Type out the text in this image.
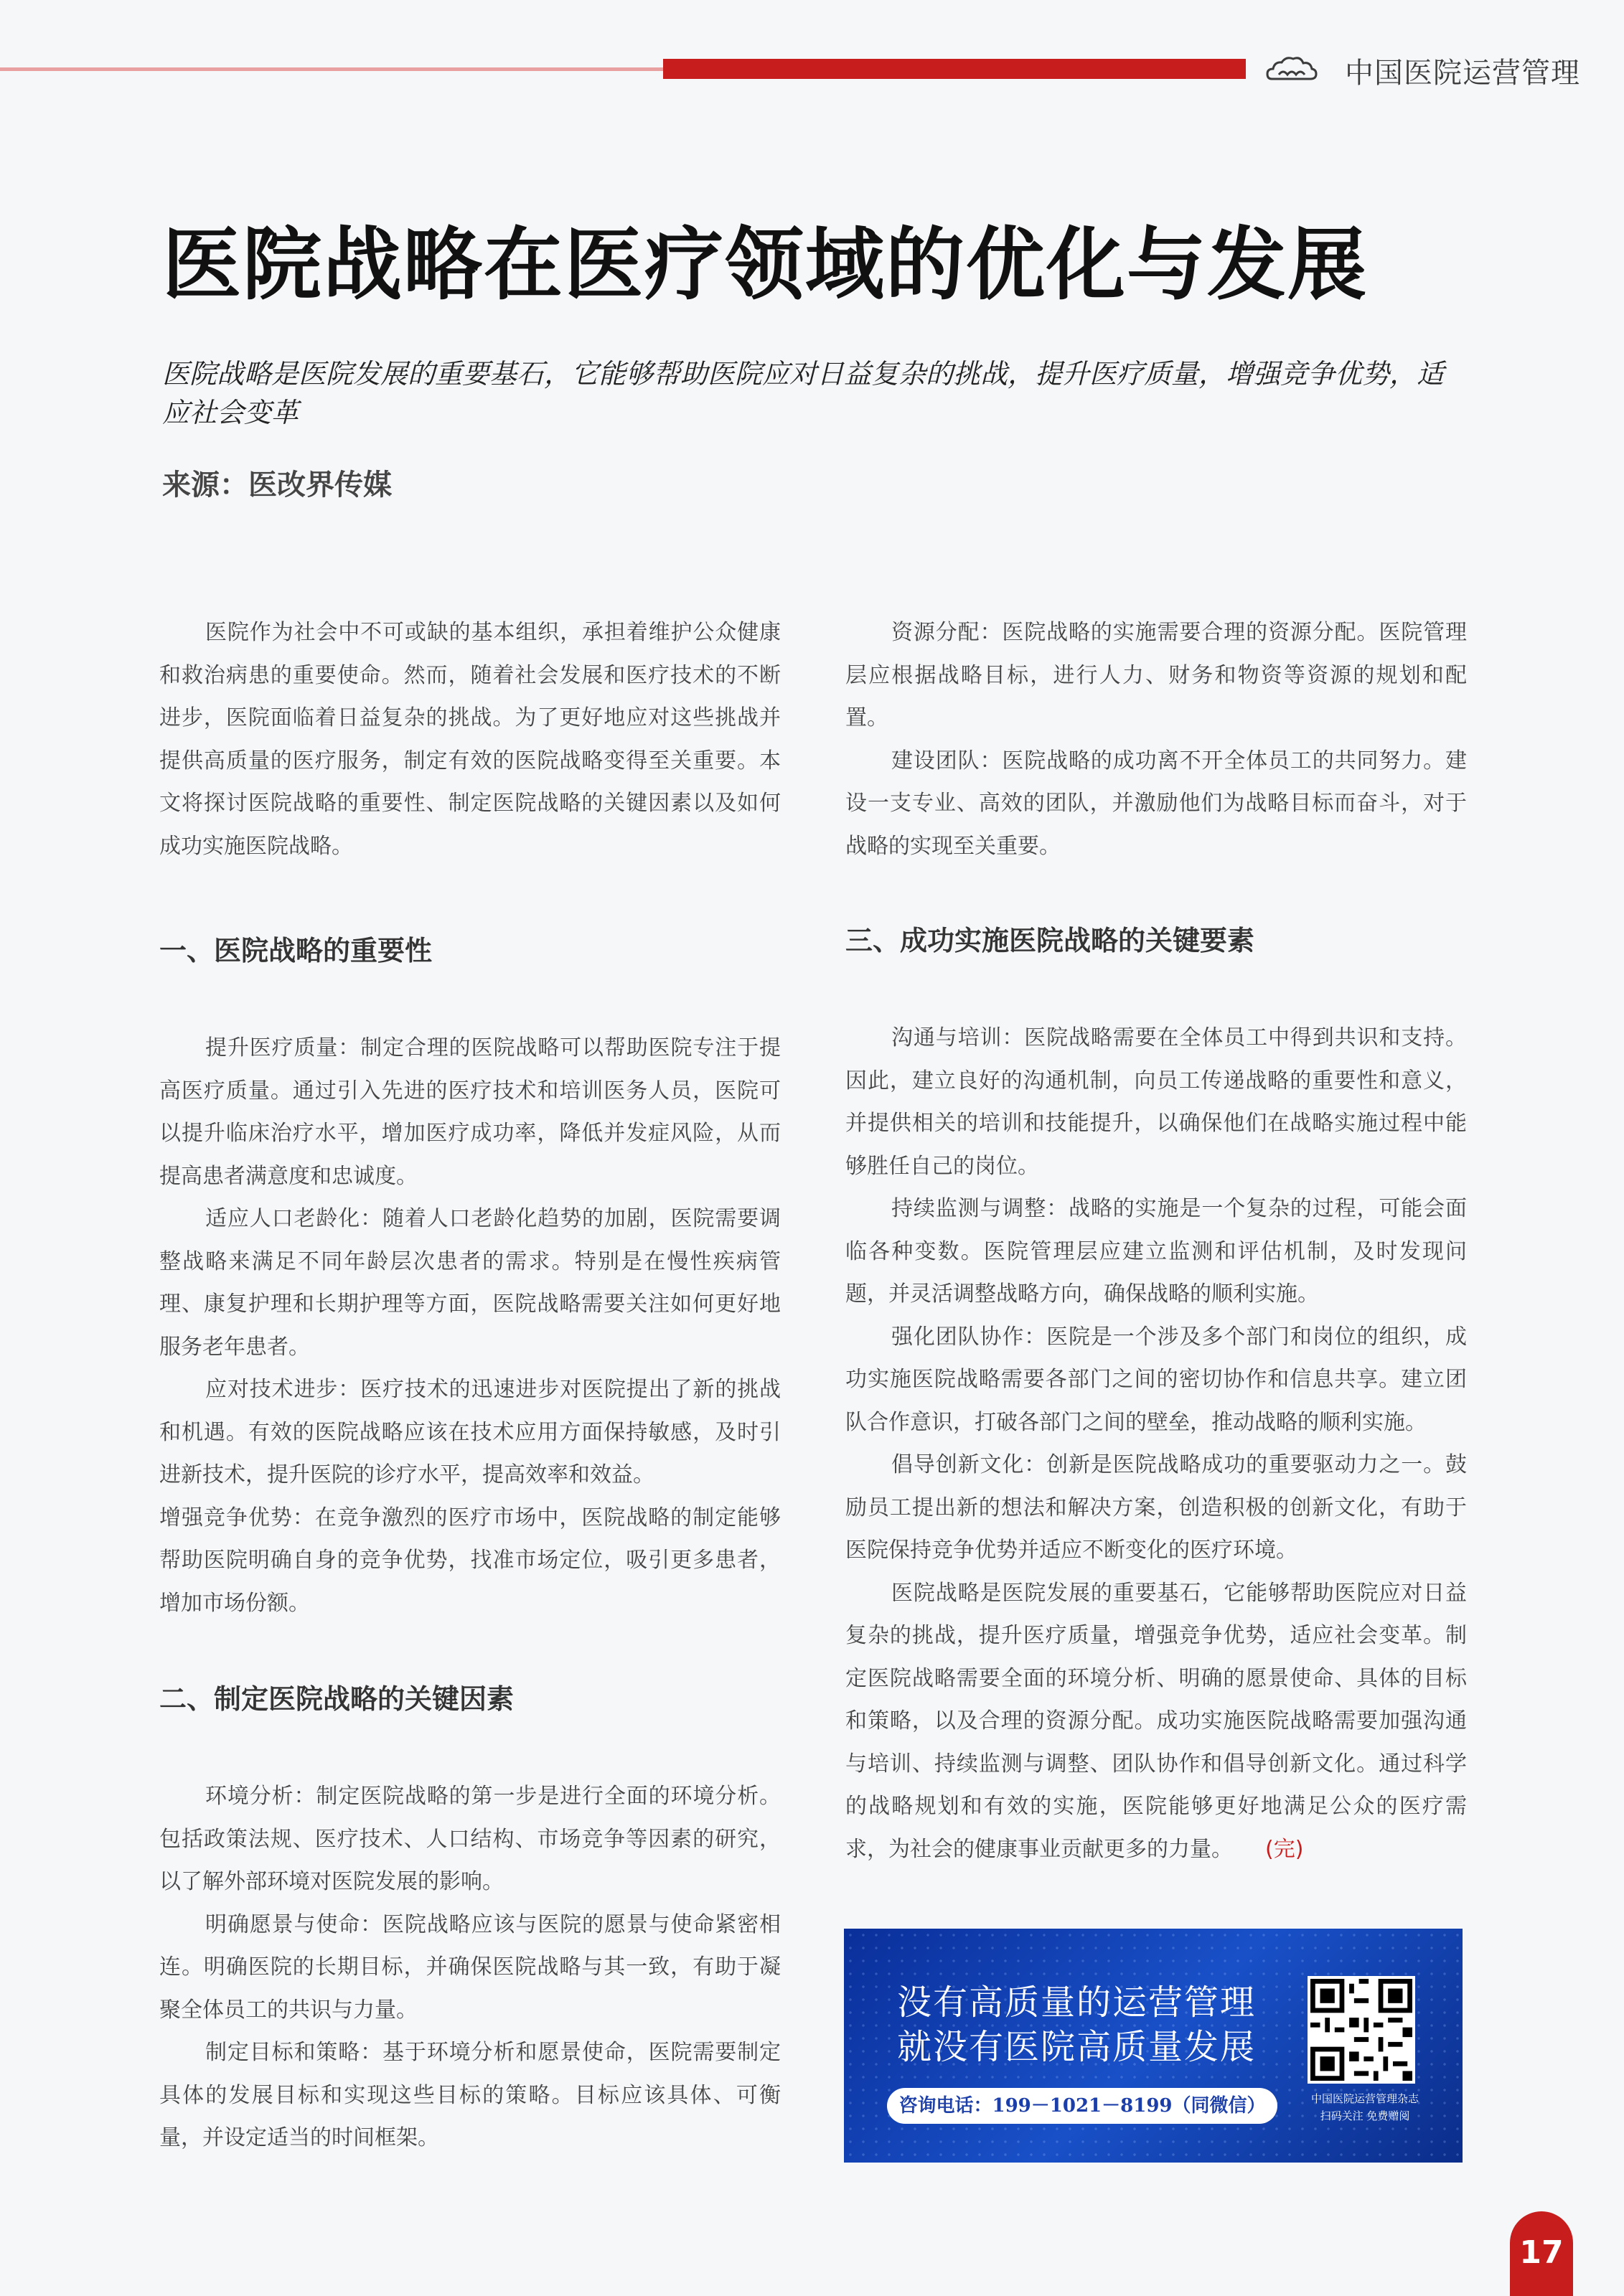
中国医院运营管理
医院战略在医疗领域的优化与发展
医院战略是医院发展的重要基石，它能够帮助医院应对日益复杂的挑战，提升医疗质量，增强竞争优势，适应社会变革
来源：医改界传媒

医院作为社会中不可或缺的基本组织，承担着维护公众健康和救治病患的重要使命。然而，随着社会发展和医疗技术的不断进步，医院面临着日益复杂的挑战。为了更好地应对这些挑战并提供高质量的医疗服务，制定有效的医院战略变得至关重要。本文将探讨医院战略的重要性、制定医院战略的关键因素以及如何成功实施医院战略。

一、医院战略的重要性

提升医疗质量：制定合理的医院战略可以帮助医院专注于提高医疗质量。通过引入先进的医疗技术和培训医务人员，医院可以提升临床治疗水平，增加医疗成功率，降低并发症风险，从而提高患者满意度和忠诚度。

适应人口老龄化：随着人口老龄化趋势的加剧，医院需要调整战略来满足不同年龄层次患者的需求。特别是在慢性疾病管理、康复护理和长期护理等方面，医院战略需要关注如何更好地服务老年患者。

应对技术进步：医疗技术的迅速进步对医院提出了新的挑战和机遇。有效的医院战略应该在技术应用方面保持敏感，及时引进新技术，提升医院的诊疗水平，提高效率和效益。

增强竞争优势：在竞争激烈的医疗市场中，医院战略的制定能够帮助医院明确自身的竞争优势，找准市场定位，吸引更多患者，增加市场份额。

二、制定医院战略的关键因素

环境分析：制定医院战略的第一步是进行全面的环境分析。包括政策法规、医疗技术、人口结构、市场竞争等因素的研究，以了解外部环境对医院发展的影响。

明确愿景与使命：医院战略应该与医院的愿景与使命紧密相连。明确医院的长期目标，并确保医院战略与其一致，有助于凝聚全体员工的共识与力量。

制定目标和策略：基于环境分析和愿景使命，医院需要制定具体的发展目标和实现这些目标的策略。目标应该具体、可衡量，并设定适当的时间框架。

资源分配：医院战略的实施需要合理的资源分配。医院管理层应根据战略目标，进行人力、财务和物资等资源的规划和配置。

建设团队：医院战略的成功离不开全体员工的共同努力。建设一支专业、高效的团队，并激励他们为战略目标而奋斗，对于战略的实现至关重要。

三、成功实施医院战略的关键要素

沟通与培训：医院战略需要在全体员工中得到共识和支持。因此，建立良好的沟通机制，向员工传递战略的重要性和意义，并提供相关的培训和技能提升，以确保他们在战略实施过程中能够胜任自己的岗位。

持续监测与调整：战略的实施是一个复杂的过程，可能会面临各种变数。医院管理层应建立监测和评估机制，及时发现问题，并灵活调整战略方向，确保战略的顺利实施。

强化团队协作：医院是一个涉及多个部门和岗位的组织，成功实施医院战略需要各部门之间的密切协作和信息共享。建立团队合作意识，打破各部门之间的壁垒，推动战略的顺利实施。

倡导创新文化：创新是医院战略成功的重要驱动力之一。鼓励员工提出新的想法和解决方案，创造积极的创新文化，有助于医院保持竞争优势并适应不断变化的医疗环境。

医院战略是医院发展的重要基石，它能够帮助医院应对日益复杂的挑战，提升医疗质量，增强竞争优势，适应社会变革。制定医院战略需要全面的环境分析、明确的愿景使命、具体的目标和策略，以及合理的资源分配。成功实施医院战略需要加强沟通与培训、持续监测与调整、团队协作和倡导创新文化。通过科学的战略规划和有效的实施，医院能够更好地满足公众的医疗需求，为社会的健康事业贡献更多的力量。　　 (完)

没有高质量的运营管理
就没有医院高质量发展
咨询电话：199－1021－8199（同微信）	中国医院运营管理杂志
扫码关注 免费赠阅
17
